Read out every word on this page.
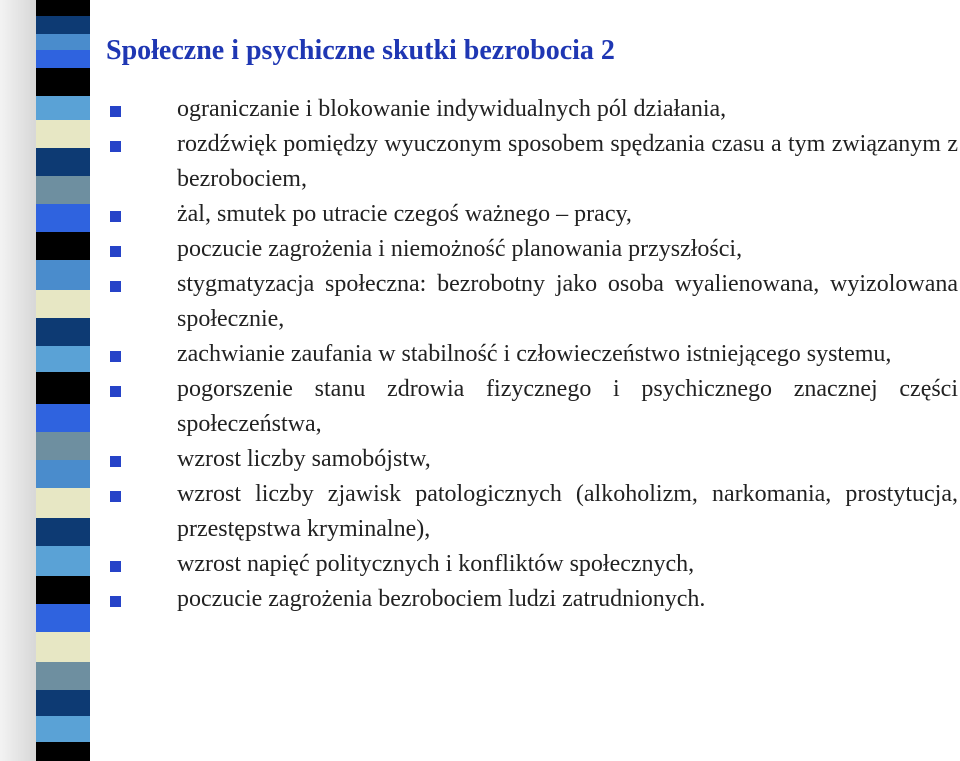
Społeczne i psychiczne skutki bezrobocia 2
ograniczanie i blokowanie indywidualnych pól działania,
rozdźwięk pomiędzy wyuczonym sposobem spędzania czasu a tym związanym z bezrobociem,
żal, smutek po utracie czegoś ważnego – pracy,
poczucie zagrożenia i niemożność planowania przyszłości,
stygmatyzacja społeczna: bezrobotny jako osoba wyalienowana, wyizolowana społecznie,
zachwianie zaufania w stabilność i człowieczeństwo istniejącego systemu,
pogorszenie stanu zdrowia fizycznego i psychicznego znacznej części społeczeństwa,
wzrost liczby samobójstw,
wzrost liczby zjawisk patologicznych (alkoholizm, narkomania, prostytucja, przestępstwa kryminalne),
wzrost napięć politycznych i konfliktów społecznych,
poczucie zagrożenia bezrobociem ludzi zatrudnionych.
